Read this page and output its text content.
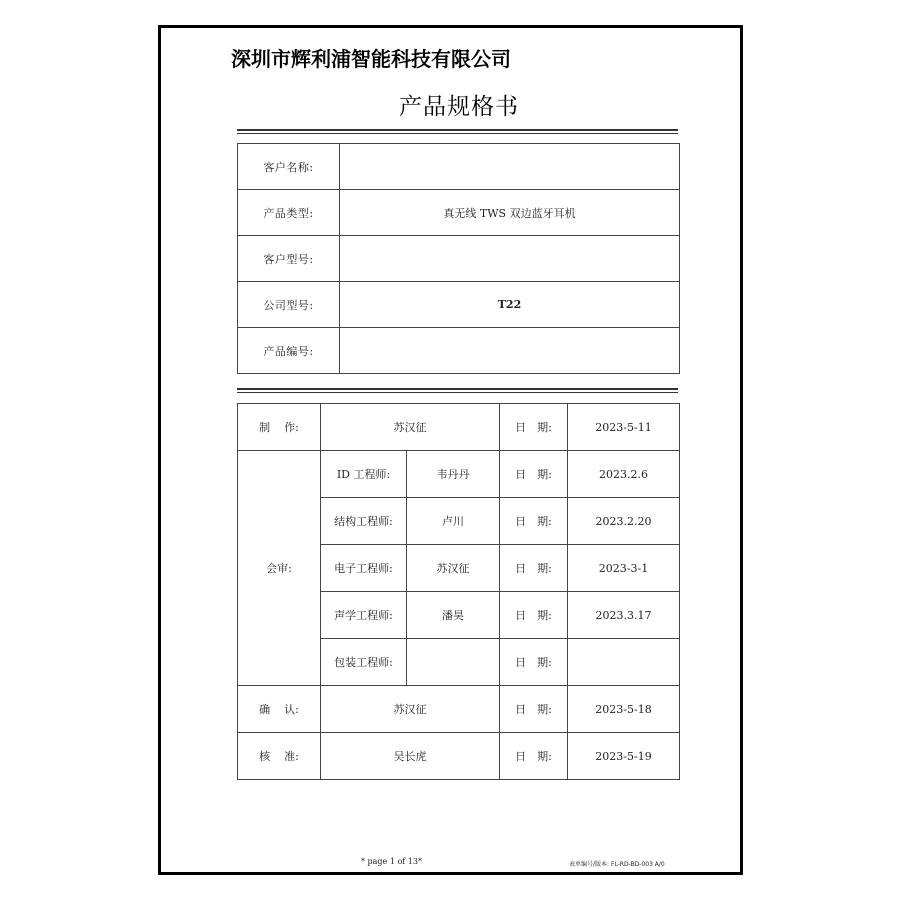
深圳市辉利浦智能科技有限公司
产品规格书
客户名称:	
产品类型:	真无线 TWS 双边蓝牙耳机
客户型号:	
公司型号:	T22
产品编号:	
制 作:	苏汉征		日　期:	2023-5-11
会审:	ID 工程师:	韦丹丹	日　期:	2023.2.6
	结构工程师:	卢川	日　期:	2023.2.20
	电子工程师:	苏汉征	日　期:	2023-3-1
	声学工程师:	潘昊	日　期:	2023.3.17
	包装工程师:		日　期:	
确 认:	苏汉征		日　期:	2023-5-18
核 准:	吴长虎		日　期:	2023-5-19
* page 1 of 13*	表单编号/版本: FL-RD-BD-003 A/0
